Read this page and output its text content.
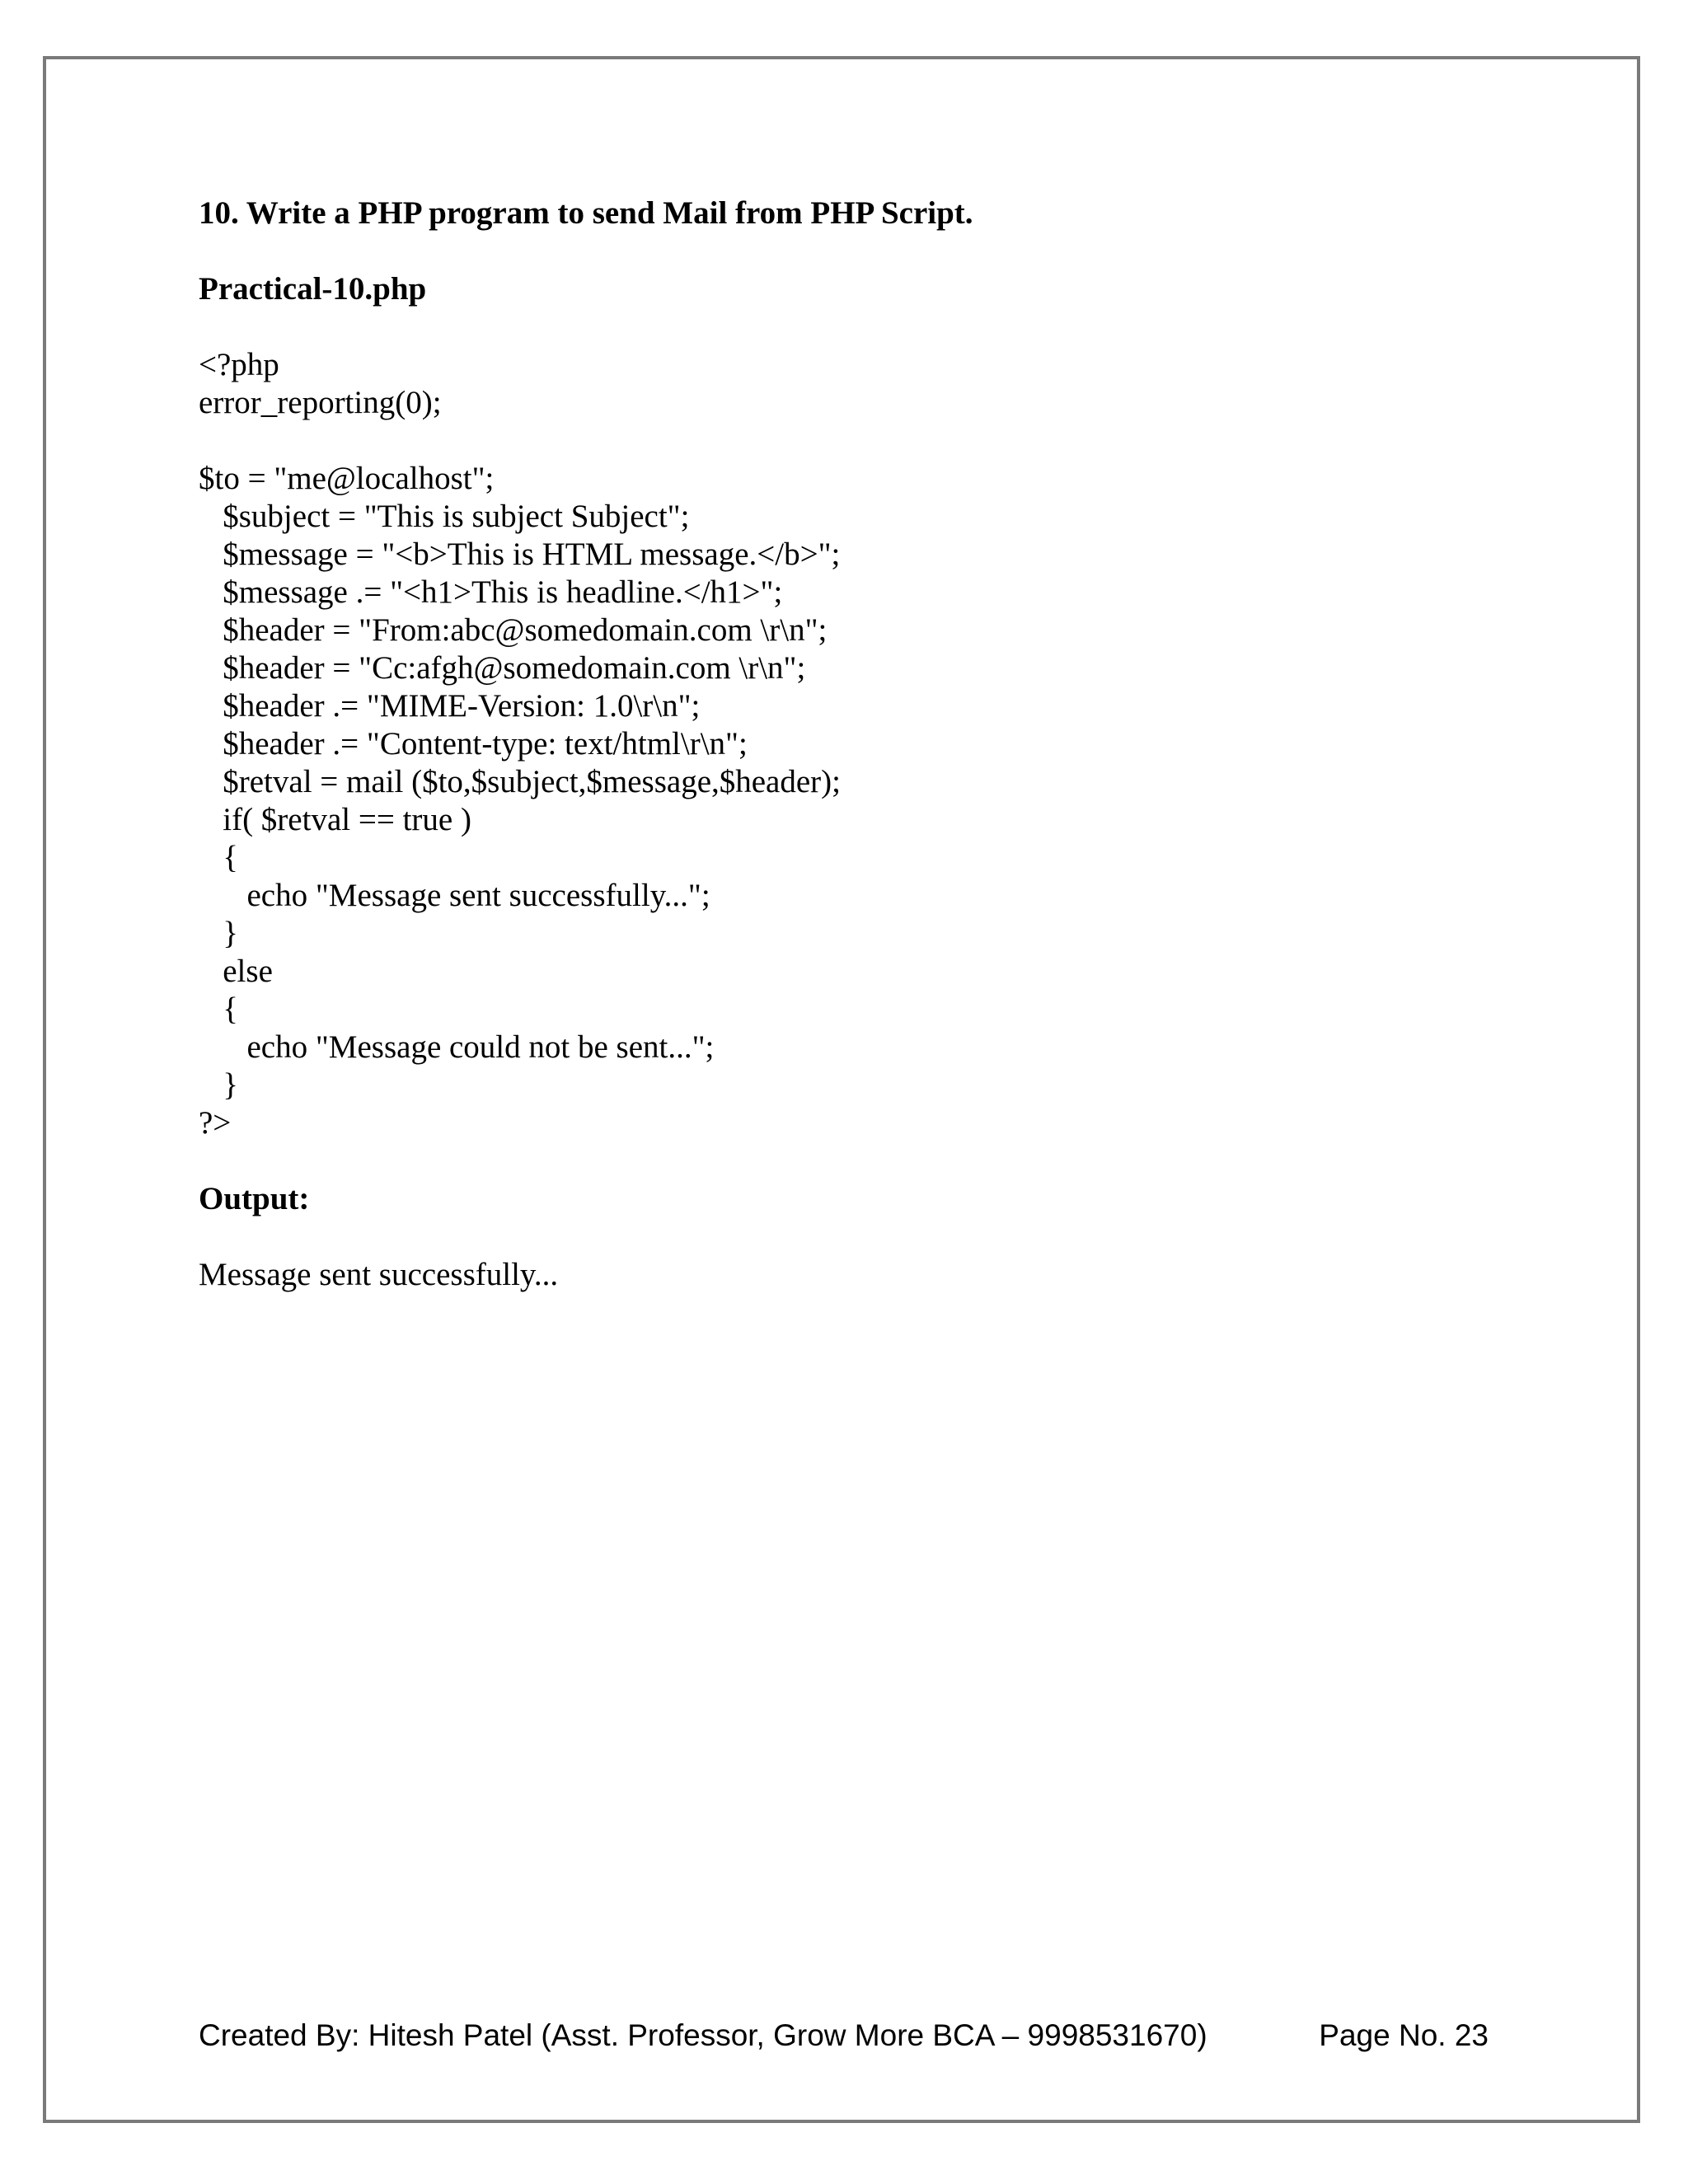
10. Write a PHP program to send Mail from PHP Script.

Practical-10.php

<?php
error_reporting(0);
$to = "me@localhost";
$subject = "This is subject Subject";
$message = "<b>This is HTML message.</b>";
$message .= "<h1>This is headline.</h1>";
$header = "From:abc@somedomain.com \r\n";
$header = "Cc:afgh@somedomain.com \r\n";
$header .= "MIME-Version: 1.0\r\n";
$header .= "Content-type: text/html\r\n";
$retval = mail ($to,$subject,$message,$header);
if( $retval == true )
{
echo "Message sent successfully...";
}
else
{
echo "Message could not be sent...";
}
?>

Output:

Message sent successfully...

Created By: Hitesh Patel (Asst. Professor, Grow More BCA – 9998531670)	Page No. 23
